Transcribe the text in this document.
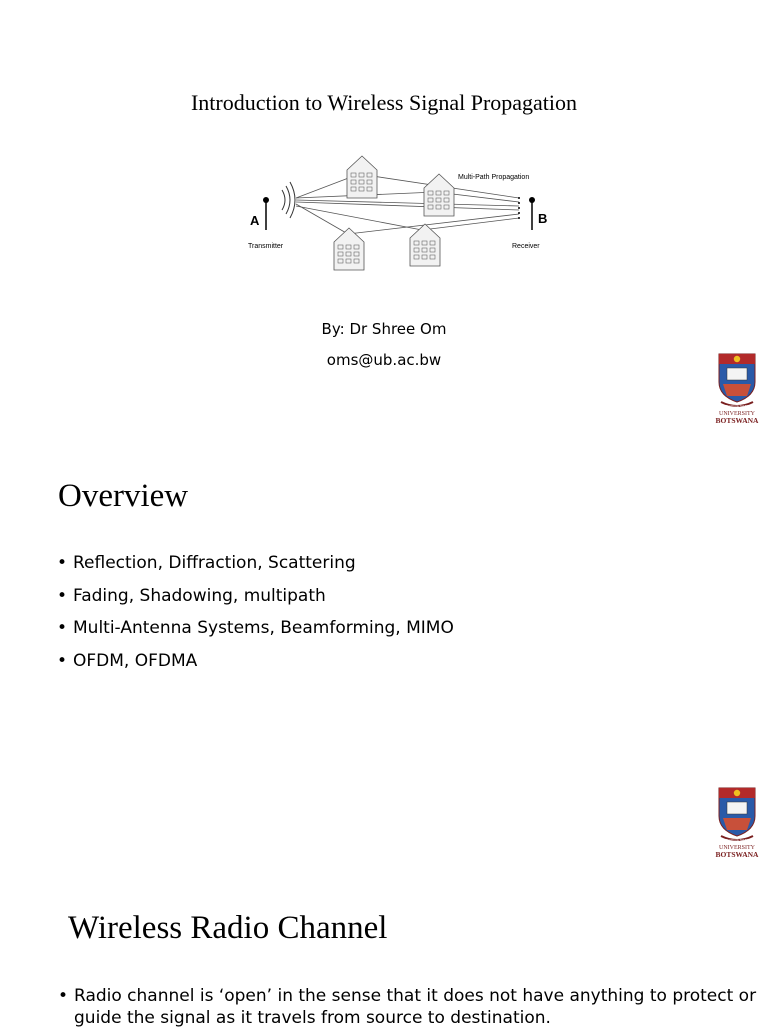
Introduction to Wireless Signal Propagation
A
Transmitter
B
Receiver
Multi-Path Propagation
By: Dr Shree Om
oms@ub.ac.bw
THUTO KE THEBE
UNIVERSITY
BOTSWANA
Overview
• Reflection, Diffraction, Scattering
• Fading, Shadowing, multipath
• Multi-Antenna Systems, Beamforming, MIMO
• OFDM, OFDMA
THUTO KE THEBE
UNIVERSITY
BOTSWANA
Wireless Radio Channel
• Radio channel is ‘open’ in the sense that it does not have anything to protect or guide the signal as it travels from source to destination.
